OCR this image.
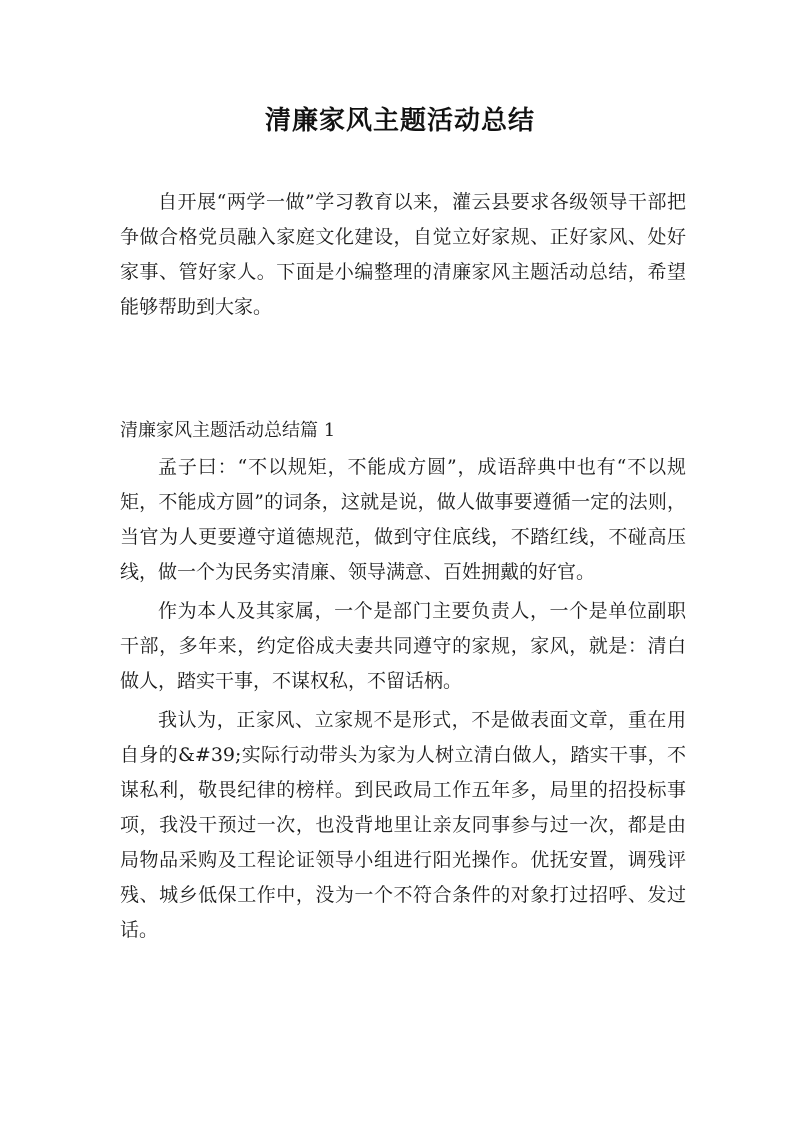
清廉家风主题活动总结

自开展“两学一做”学习教育以来，灌云县要求各级领导干部把争做合格党员融入家庭文化建设，自觉立好家规、正好家风、处好家事、管好家人。下面是小编整理的清廉家风主题活动总结，希望能够帮助到大家。

清廉家风主题活动总结篇 1

孟子曰：“不以规矩，不能成方圆”，成语辞典中也有“不以规矩，不能成方圆”的词条，这就是说，做人做事要遵循一定的法则，当官为人更要遵守道德规范，做到守住底线，不踏红线，不碰高压线，做一个为民务实清廉、领导满意、百姓拥戴的好官。

作为本人及其家属，一个是部门主要负责人，一个是单位副职干部，多年来，约定俗成夫妻共同遵守的家规，家风，就是：清白做人，踏实干事，不谋权私，不留话柄。

我认为，正家风、立家规不是形式，不是做表面文章，重在用自身的&#39;实际行动带头为家为人树立清白做人，踏实干事，不谋私利，敬畏纪律的榜样。到民政局工作五年多，局里的招投标事项，我没干预过一次，也没背地里让亲友同事参与过一次，都是由局物品采购及工程论证领导小组进行阳光操作。优抚安置，调残评残、城乡低保工作中，没为一个不符合条件的对象打过招呼、发过话。
